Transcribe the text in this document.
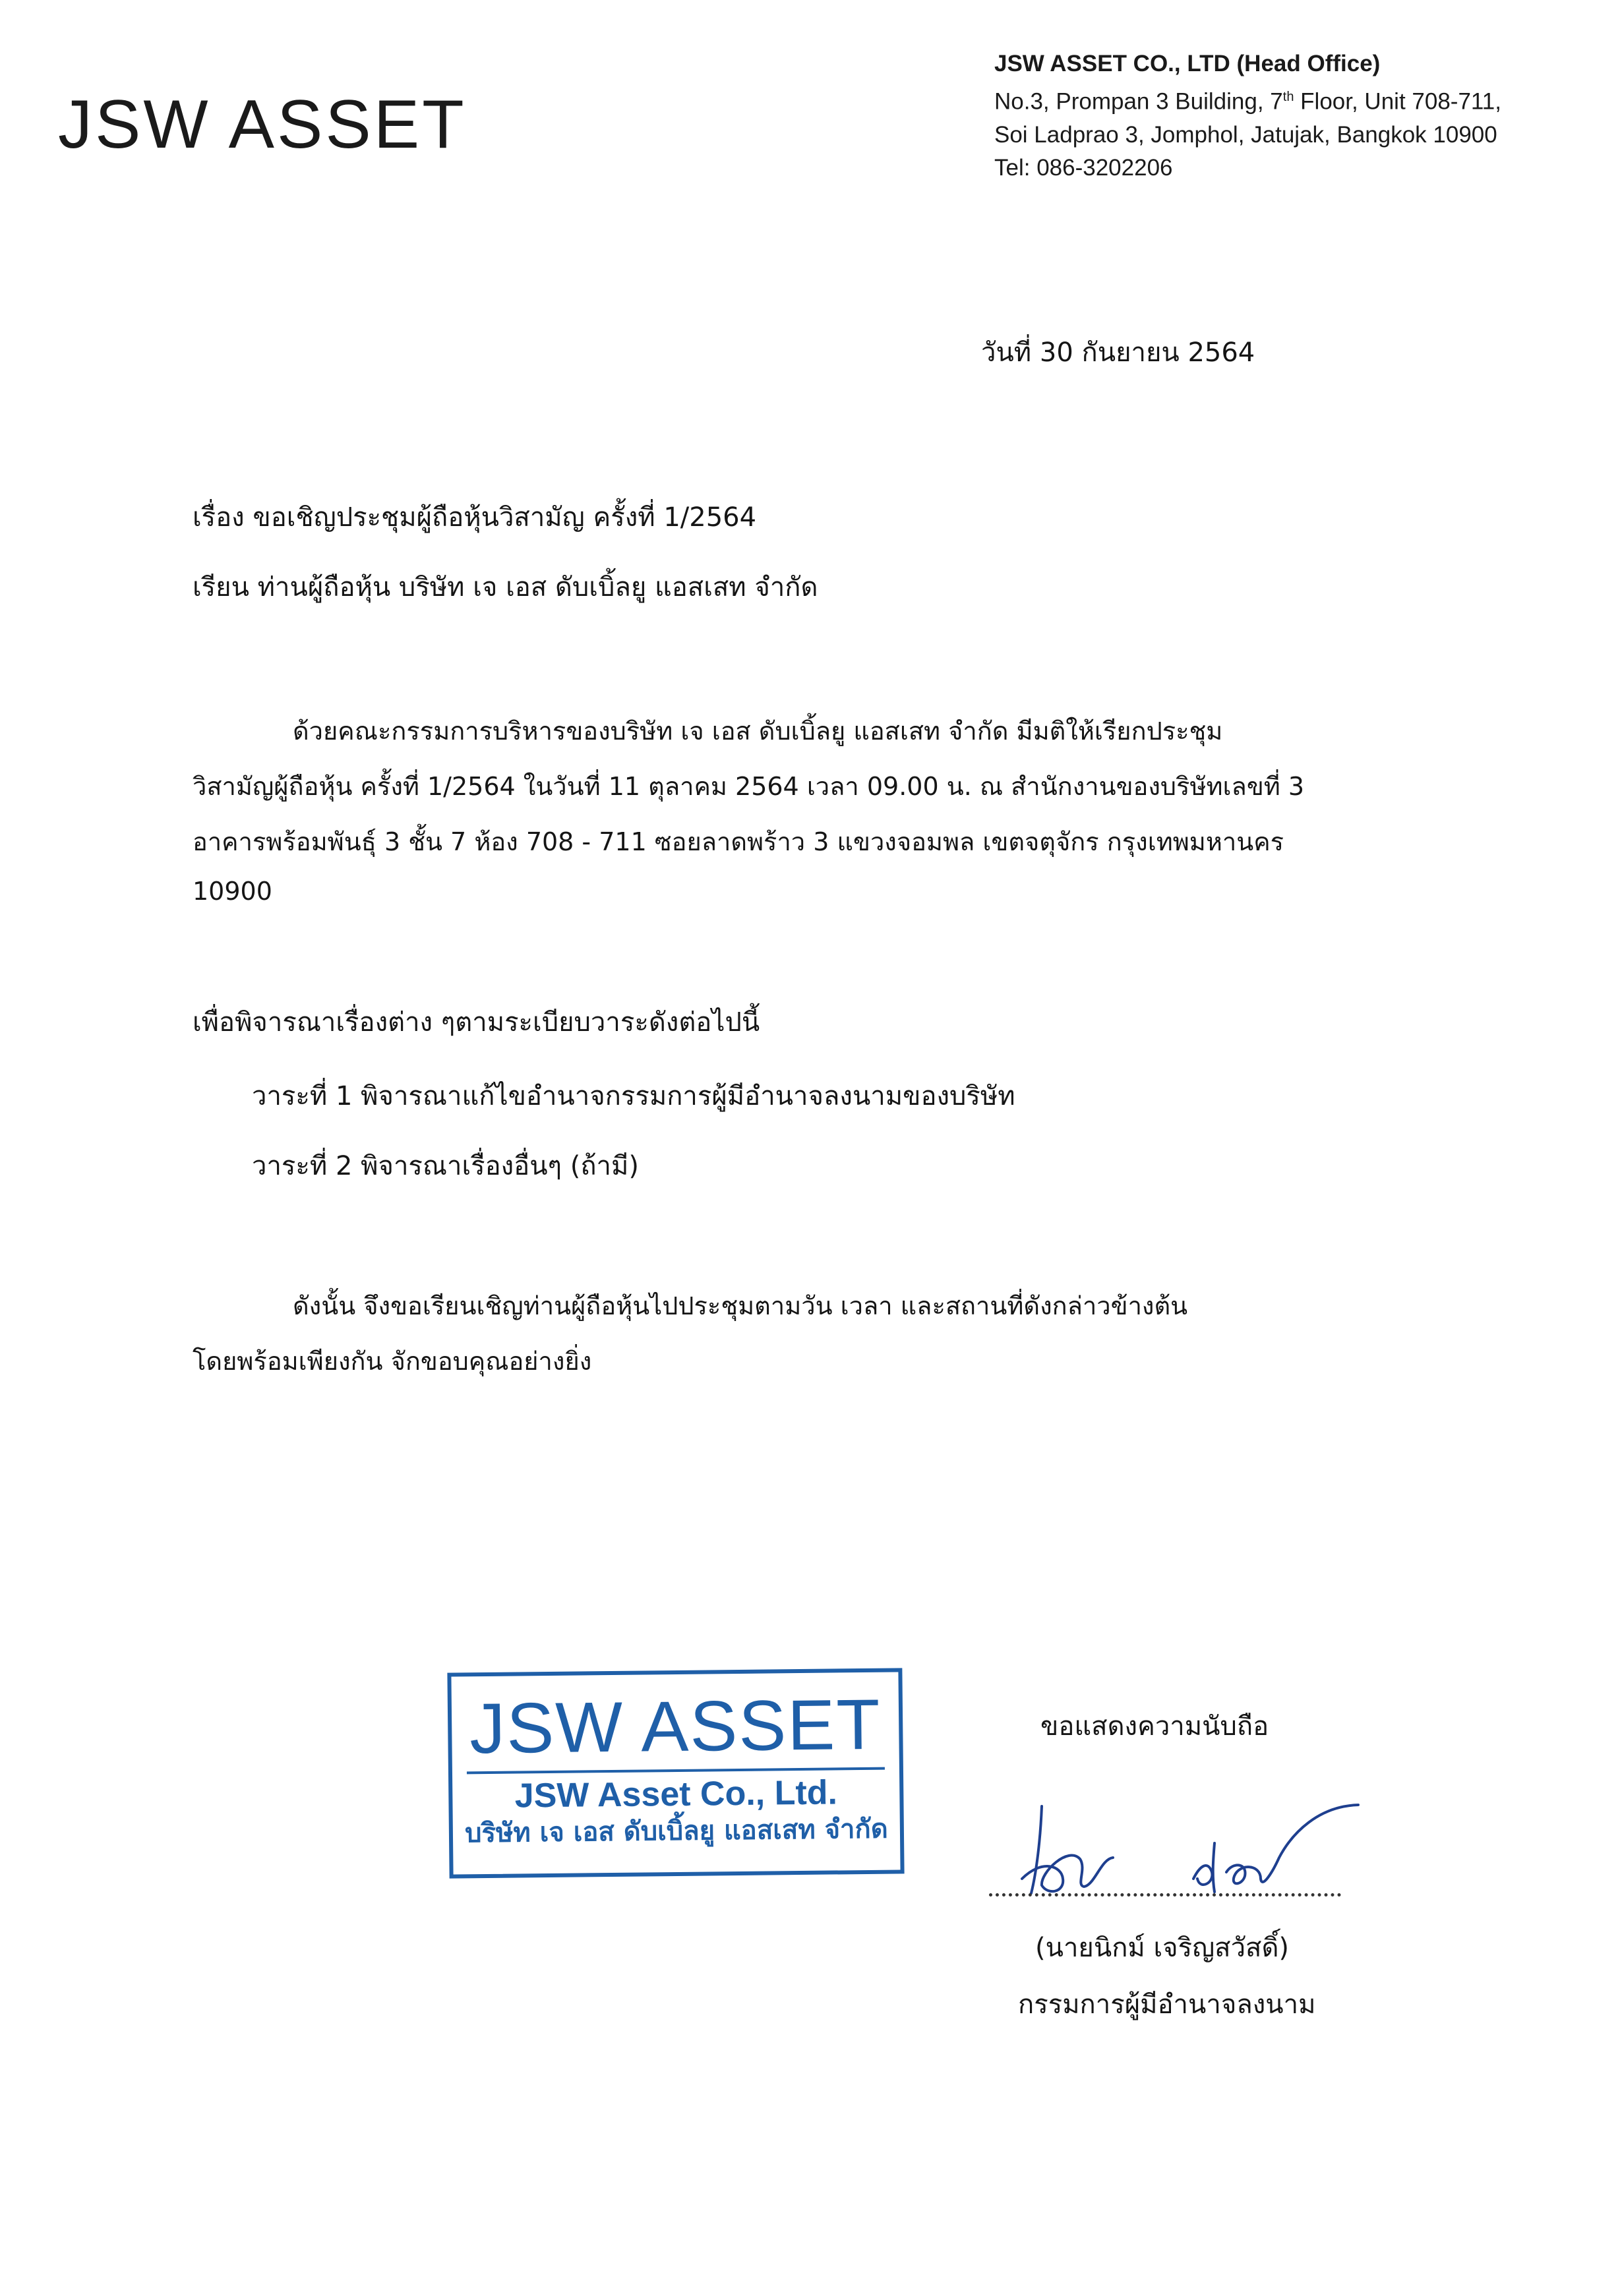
JSW ASSET
JSW ASSET CO., LTD (Head Office)
No.3, Prompan 3 Building, 7th Floor, Unit 708-711,
Soi Ladprao 3, Jomphol, Jatujak, Bangkok 10900
Tel: 086-3202206
วันที่ 30 กันยายน 2564
เรื่อง ขอเชิญประชุมผู้ถือหุ้นวิสามัญ ครั้งที่ 1/2564
เรียน ท่านผู้ถือหุ้น บริษัท เจ เอส ดับเบิ้ลยู แอสเสท จำกัด
ด้วยคณะกรรมการบริหารของบริษัท เจ เอส ดับเบิ้ลยู แอสเสท จำกัด มีมติให้เรียกประชุม
วิสามัญผู้ถือหุ้น ครั้งที่ 1/2564 ในวันที่ 11 ตุลาคม 2564 เวลา 09.00 น. ณ สำนักงานของบริษัทเลขที่ 3
อาคารพร้อมพันธุ์ 3 ชั้น 7 ห้อง 708 - 711 ซอยลาดพร้าว 3 แขวงจอมพล เขตจตุจักร กรุงเทพมหานคร
10900
เพื่อพิจารณาเรื่องต่าง ๆตามระเบียบวาระดังต่อไปนี้
วาระที่ 1 พิจารณาแก้ไขอำนาจกรรมการผู้มีอำนาจลงนามของบริษัท
วาระที่ 2 พิจารณาเรื่องอื่นๆ (ถ้ามี)
ดังนั้น จึงขอเรียนเชิญท่านผู้ถือหุ้นไปประชุมตามวัน เวลา และสถานที่ดังกล่าวข้างต้น
โดยพร้อมเพียงกัน จักขอบคุณอย่างยิ่ง
JSW ASSET
JSW Asset Co., Ltd.
บริษัท เจ เอส ดับเบิ้ลยู แอสเสท จำกัด
ขอแสดงความนับถือ
(นายนิกม์ เจริญสวัสดิ์)
กรรมการผู้มีอำนาจลงนาม
